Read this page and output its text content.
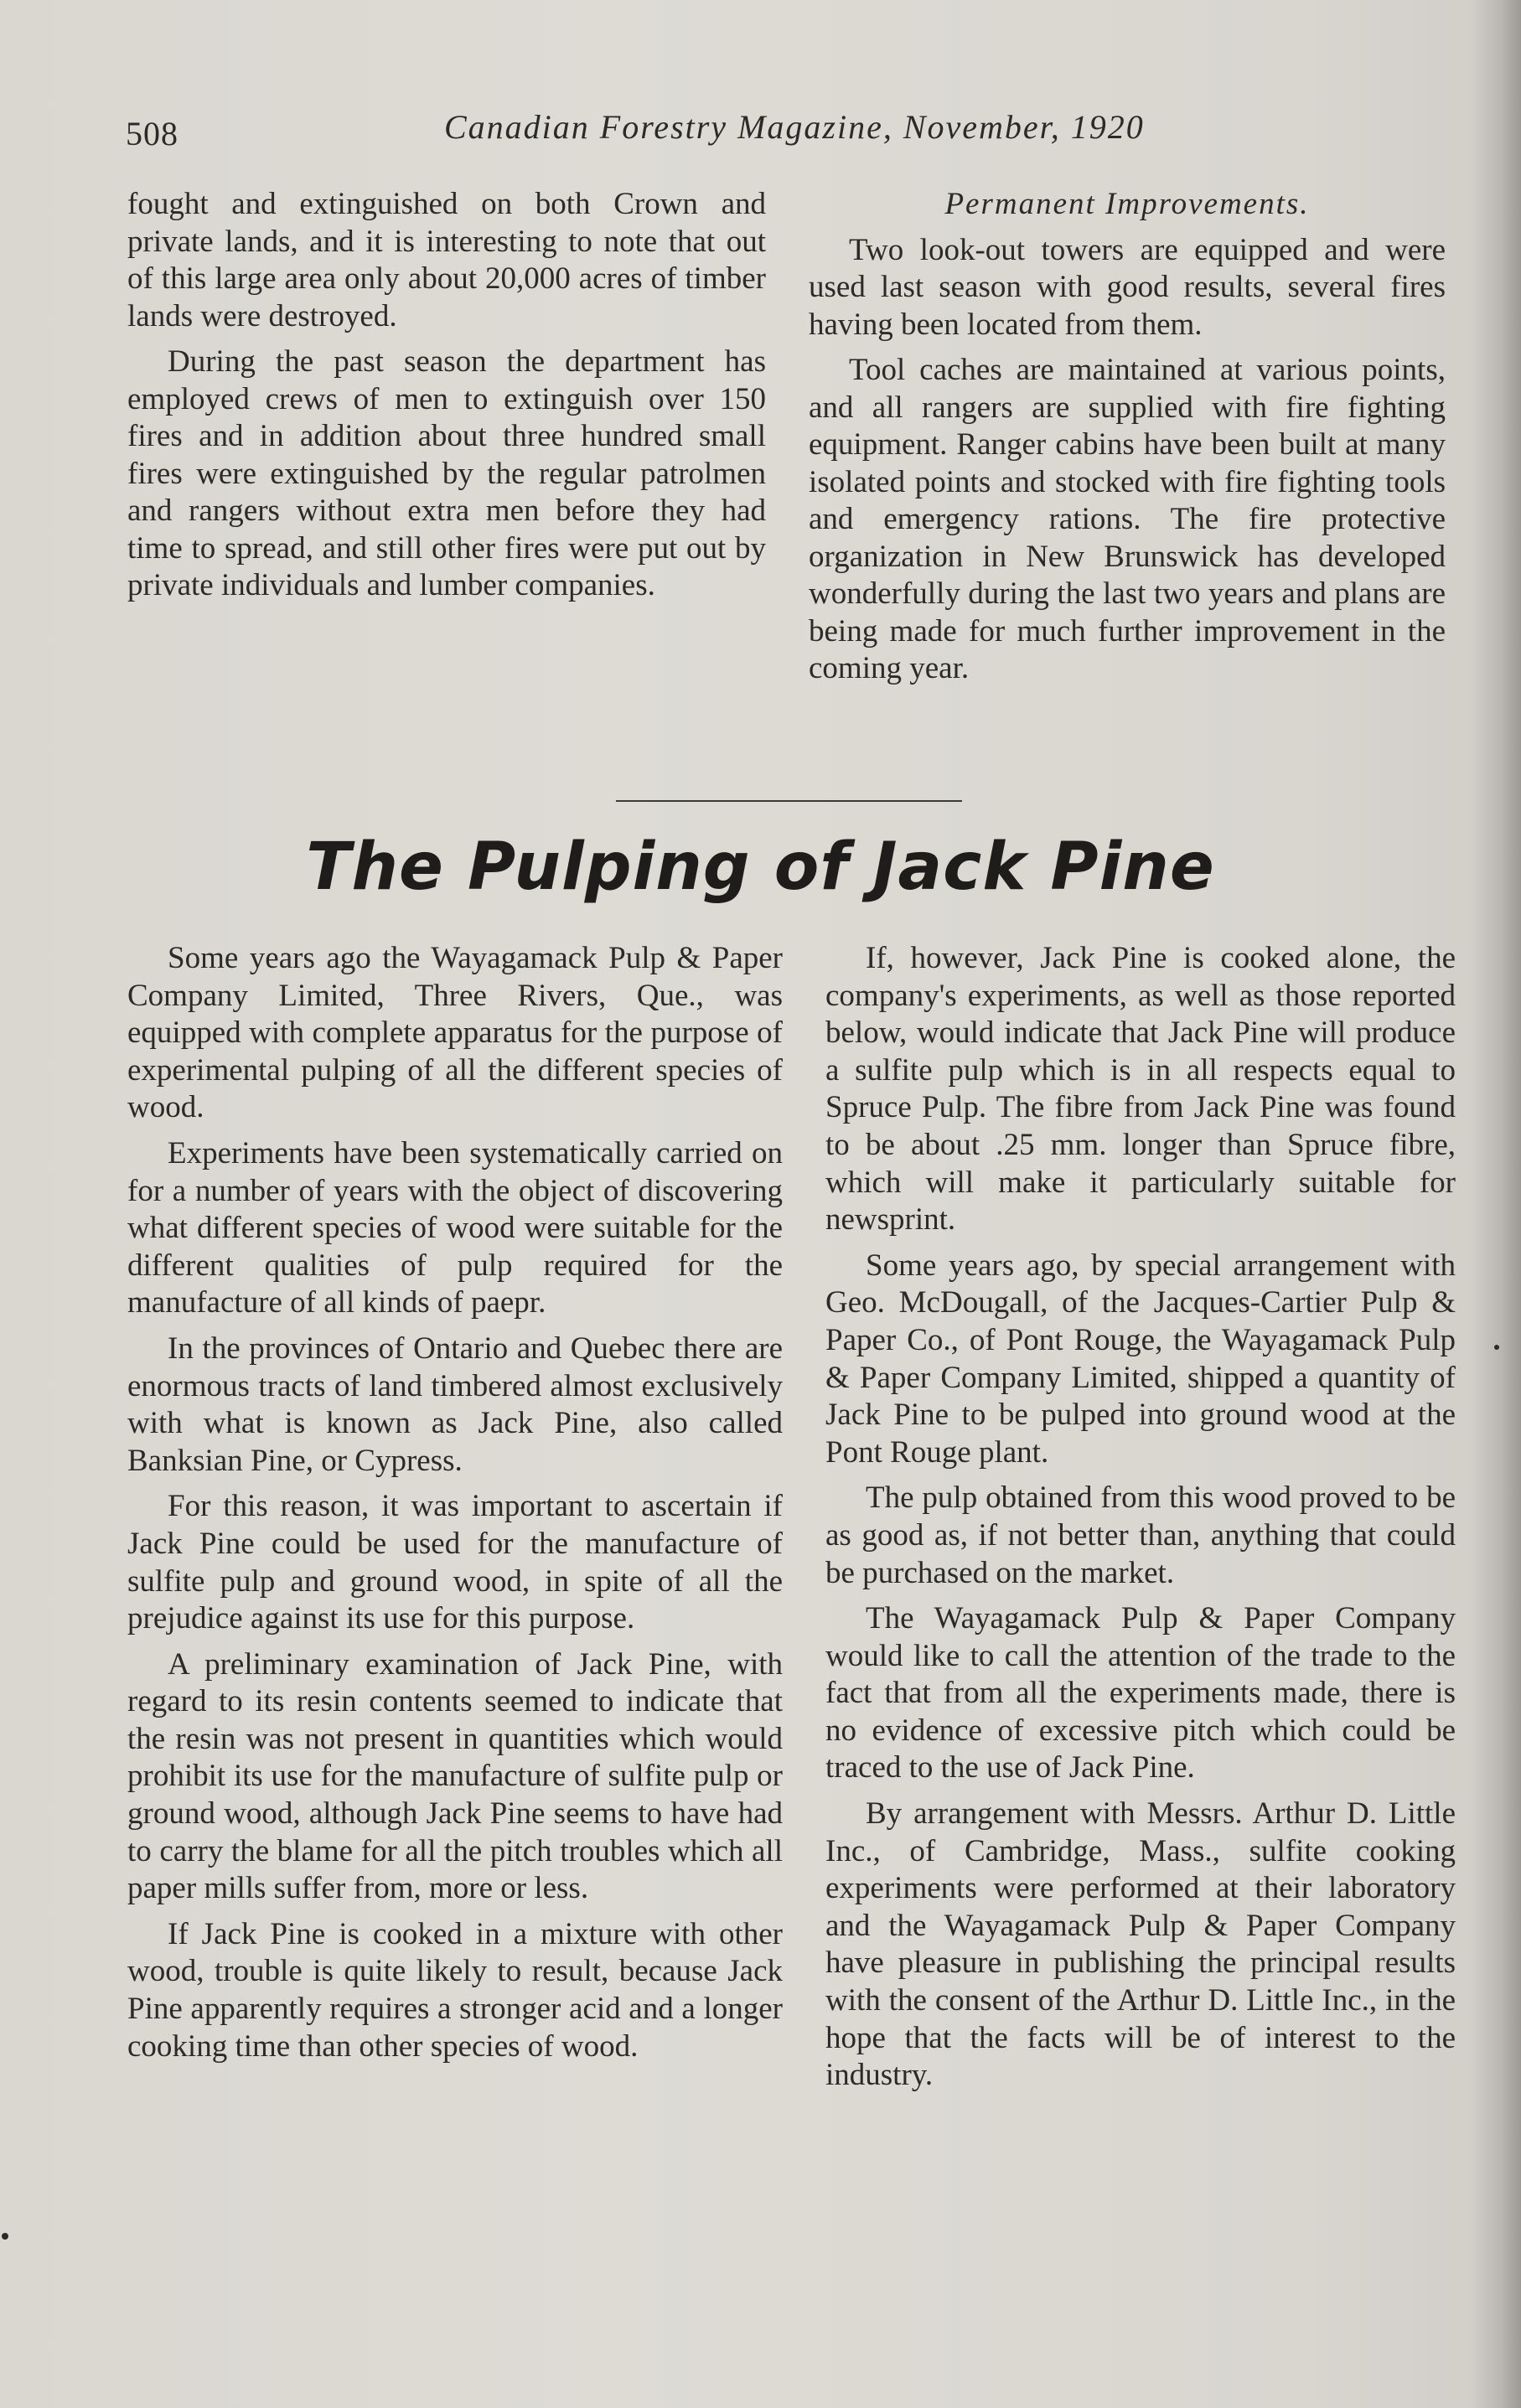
508	Canadian Forestry Magazine, November, 1920

fought and extinguished on both Crown and private lands, and it is interesting to note that out of this large area only about 20,000 acres of timber lands were destroyed.

During the past season the department has employed crews of men to extinguish over 150 fires and in addition about three hundred small fires were extinguished by the regular patrolmen and rangers without extra men before they had time to spread, and still other fires were put out by private individuals and lumber companies.

Permanent Improvements.

Two look-out towers are equipped and were used last season with good results, several fires having been located from them.

Tool caches are maintained at various points, and all rangers are supplied with fire fighting equipment. Ranger cabins have been built at many isolated points and stocked with fire fighting tools and emergency rations. The fire protective organization in New Brunswick has developed wonderfully during the last two years and plans are being made for much further improvement in the coming year.

The Pulping of Jack Pine

Some years ago the Wayagamack Pulp & Paper Company Limited, Three Rivers, Que., was equipped with complete apparatus for the purpose of experimental pulping of all the different species of wood.

Experiments have been systematically carried on for a number of years with the object of discovering what different species of wood were suitable for the different qualities of pulp required for the manufacture of all kinds of paepr.

In the provinces of Ontario and Quebec there are enormous tracts of land timbered almost exclusively with what is known as Jack Pine, also called Banksian Pine, or Cypress.

For this reason, it was important to ascertain if Jack Pine could be used for the manufacture of sulfite pulp and ground wood, in spite of all the prejudice against its use for this purpose.

A preliminary examination of Jack Pine, with regard to its resin contents seemed to indicate that the resin was not present in quantities which would prohibit its use for the manufacture of sulfite pulp or ground wood, although Jack Pine seems to have had to carry the blame for all the pitch troubles which all paper mills suffer from, more or less.

If Jack Pine is cooked in a mixture with other wood, trouble is quite likely to result, because Jack Pine apparently requires a stronger acid and a longer cooking time than other species of wood.

If, however, Jack Pine is cooked alone, the company's experiments, as well as those reported below, would indicate that Jack Pine will produce a sulfite pulp which is in all respects equal to Spruce Pulp. The fibre from Jack Pine was found to be about .25 mm. longer than Spruce fibre, which will make it particularly suitable for newsprint.

Some years ago, by special arrangement with Geo. McDougall, of the Jacques-Cartier Pulp & Paper Co., of Pont Rouge, the Wayagamack Pulp & Paper Company Limited, shipped a quantity of Jack Pine to be pulped into ground wood at the Pont Rouge plant.

The pulp obtained from this wood proved to be as good as, if not better than, anything that could be purchased on the market.

The Wayagamack Pulp & Paper Company would like to call the attention of the trade to the fact that from all the experiments made, there is no evidence of excessive pitch which could be traced to the use of Jack Pine.

By arrangement with Messrs. Arthur D. Little Inc., of Cambridge, Mass., sulfite cooking experiments were performed at their laboratory and the Wayagamack Pulp & Paper Company have pleasure in publishing the principal results with the consent of the Arthur D. Little Inc., in the hope that the facts will be of interest to the industry.
